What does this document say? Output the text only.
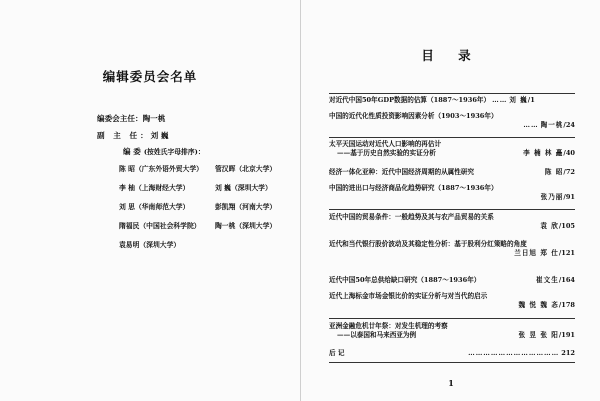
编辑委员会名单
编委会主任：陶一桃
副 主 任：刘 巍
编 委 (按姓氏字母排序)：
陈 昭（广东外语外贸大学） 管汉晖（北京大学）
李 柚（上海财经大学）	刘 巍（深圳大学）
刘 思（华南师范大学）	彭凯翔（河南大学）
隋福民（中国社会科学院） 陶一桃（深圳大学）
袁易明（深圳大学）
目 录
对近代中国50年GDP数据的估算（1887～1936年） …… 刘 巍 / 1
中国的近代化性质投资影响因素分析（1903～1936年）
…… 陶一桃 / 24
太平天国运动对近代人口影响的再估计
——基于历史自然实验的实证分析	李 楠 林 矗 / 40
经济一体化亚种：近代中国经济周期的从属性研究	陈 昭 / 72
中国的进出口与经济商品化趋势研究（1887～1936年）
张乃丽 / 91
近代中国的贸易条件：一般趋势及其与农产品贸易的关系
袁 欣 / 105
近代和当代银行股价波动及其稳定性分析：基于股利分红策略的角度
兰日旭 郑 仕 / 121
近代中国50年总供给缺口研究（1887～1936年）	崔文生 / 164
近代上海标金市场金银比价的实证分析与对当代的启示
魏 悦 魏 忞 / 178
亚洲金融危机廿年祭：对发生机理的考察
——以泰国和马来西亚为例	张 昱 张 阳 / 191
后 记	……………………………… 212
1
